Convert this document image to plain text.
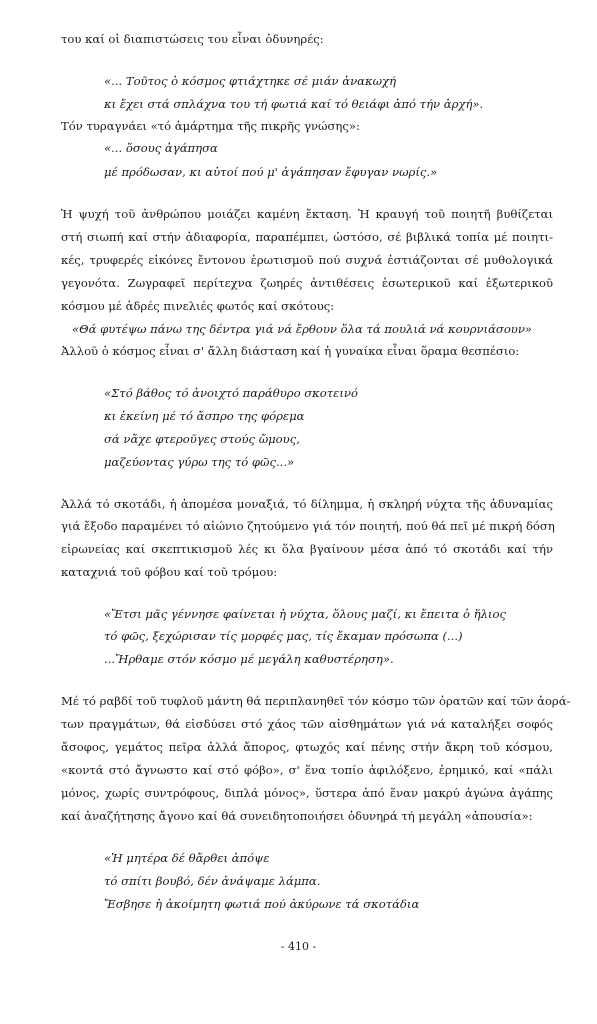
του καί οἱ διαπιστώσεις του εἶναι ὀδυνηρές:
«... Τοῦτος ὁ κόσμος φτιάχτηκε σέ μιάν ἀνακωχή
κι ἔχει στά σπλάχνα του τή φωτιά καί τό θειάφι ἀπό τήν ἀρχή».
Τόν τυραγνάει «τό ἁμάρτημα τῆς πικρῆς γνώσης»:
«... ὅσους ἀγάπησα
μέ πρόδωσαν, κι αὐτοί πού μ' ἀγάπησαν ἔφυγαν νωρίς.»
Ἡ ψυχή τοῦ ἀνθρώπου μοιάζει καμένη ἔκταση. Ἡ κραυγή τοῦ ποιητῆ βυθίζεται
στή σιωπή καί στήν ἀδιαφορία, παραπέμπει, ὡστόσο, σέ βιβλικά τοπία μέ ποιητι-
κές, τρυφερές εἰκόνες ἔντονου ἐρωτισμοῦ πού συχνά ἐστιάζονται σέ μυθολογικά
γεγονότα. Ζωγραφεῖ περίτεχνα ζωηρές ἀντιθέσεις ἐσωτερικοῦ καί ἐξωτερικοῦ
κόσμου μέ ἁδρές πινελιές φωτός καί σκότους:
«Θά φυτέψω πάνω της δέντρα γιά νά ἔρθουν ὅλα τά πουλιά νά κουρνιάσουν»
Ἀλλοῦ ὁ κόσμος εἶναι σ' ἄλλη διάσταση καί ἡ γυναίκα εἶναι ὅραμα θεσπέσιο:
«Στό βάθος τό ἀνοιχτό παράθυρο σκοτεινό
κι ἐκείνη μέ τό ἄσπρο της φόρεμα
σά νἄχε φτεροῦγες στούς ὤμους,
μαζεύοντας γύρω της τό φῶς...»
Ἀλλά τό σκοτάδι, ἡ ἀπομέσα μοναξιά, τό δίλημμα, ἡ σκληρή νύχτα τῆς ἀδυναμίας
γιά ἔξοδο παραμένει τό αἰώνιο ζητούμενο γιά τόν ποιητή, πού θά πεῖ μέ πικρή δόση
εἰρωνείας καί σκεπτικισμοῦ λές κι ὅλα βγαίνουν μέσα ἀπό τό σκοτάδι καί τήν
καταχνιά τοῦ φόβου καί τοῦ τρόμου:
«Ἔτσι μᾶς γέννησε φαίνεται ἡ νύχτα, ὅλους μαζί, κι ἔπειτα ὁ ἥλιος
τό φῶς, ξεχώρισαν τίς μορφές μας, τίς ἔκαμαν πρόσωπα (...)
...Ἤρθαμε στόν κόσμο μέ μεγάλη καθυστέρηση».
Μέ τό ραβδί τοῦ τυφλοῦ μάντη θά περιπλανηθεῖ τόν κόσμο τῶν ὁρατῶν καί τῶν ἀορά-
των πραγμάτων, θά εἰσδύσει στό χάος τῶν αἰσθημάτων γιά νά καταλήξει σοφός
ἄσοφος, γεμάτος πεῖρα ἀλλά ἄπορος, φτωχός καί πένης στήν ἄκρη τοῦ κόσμου,
«κοντά στό ἄγνωστο καί στό φόβο», σ' ἕνα τοπίο ἀφιλόξενο, ἐρημικό, καί «πάλι
μόνος, χωρίς συντρόφους, διπλά μόνος», ὕστερα ἀπό ἕναν μακρύ ἀγώνα ἀγάπης
καί ἀναζήτησης ἄγονο καί θά συνειδητοποιήσει ὀδυνηρά τή μεγάλη «ἀπουσία»:
«Ἡ μητέρα δέ θἄρθει ἀπόψε
τό σπίτι βουβό, δέν ἀνάψαμε λάμπα.
Ἔσβησε ἡ ἀκοίμητη φωτιά πού ἀκύρωνε τά σκοτάδια
- 410 -
